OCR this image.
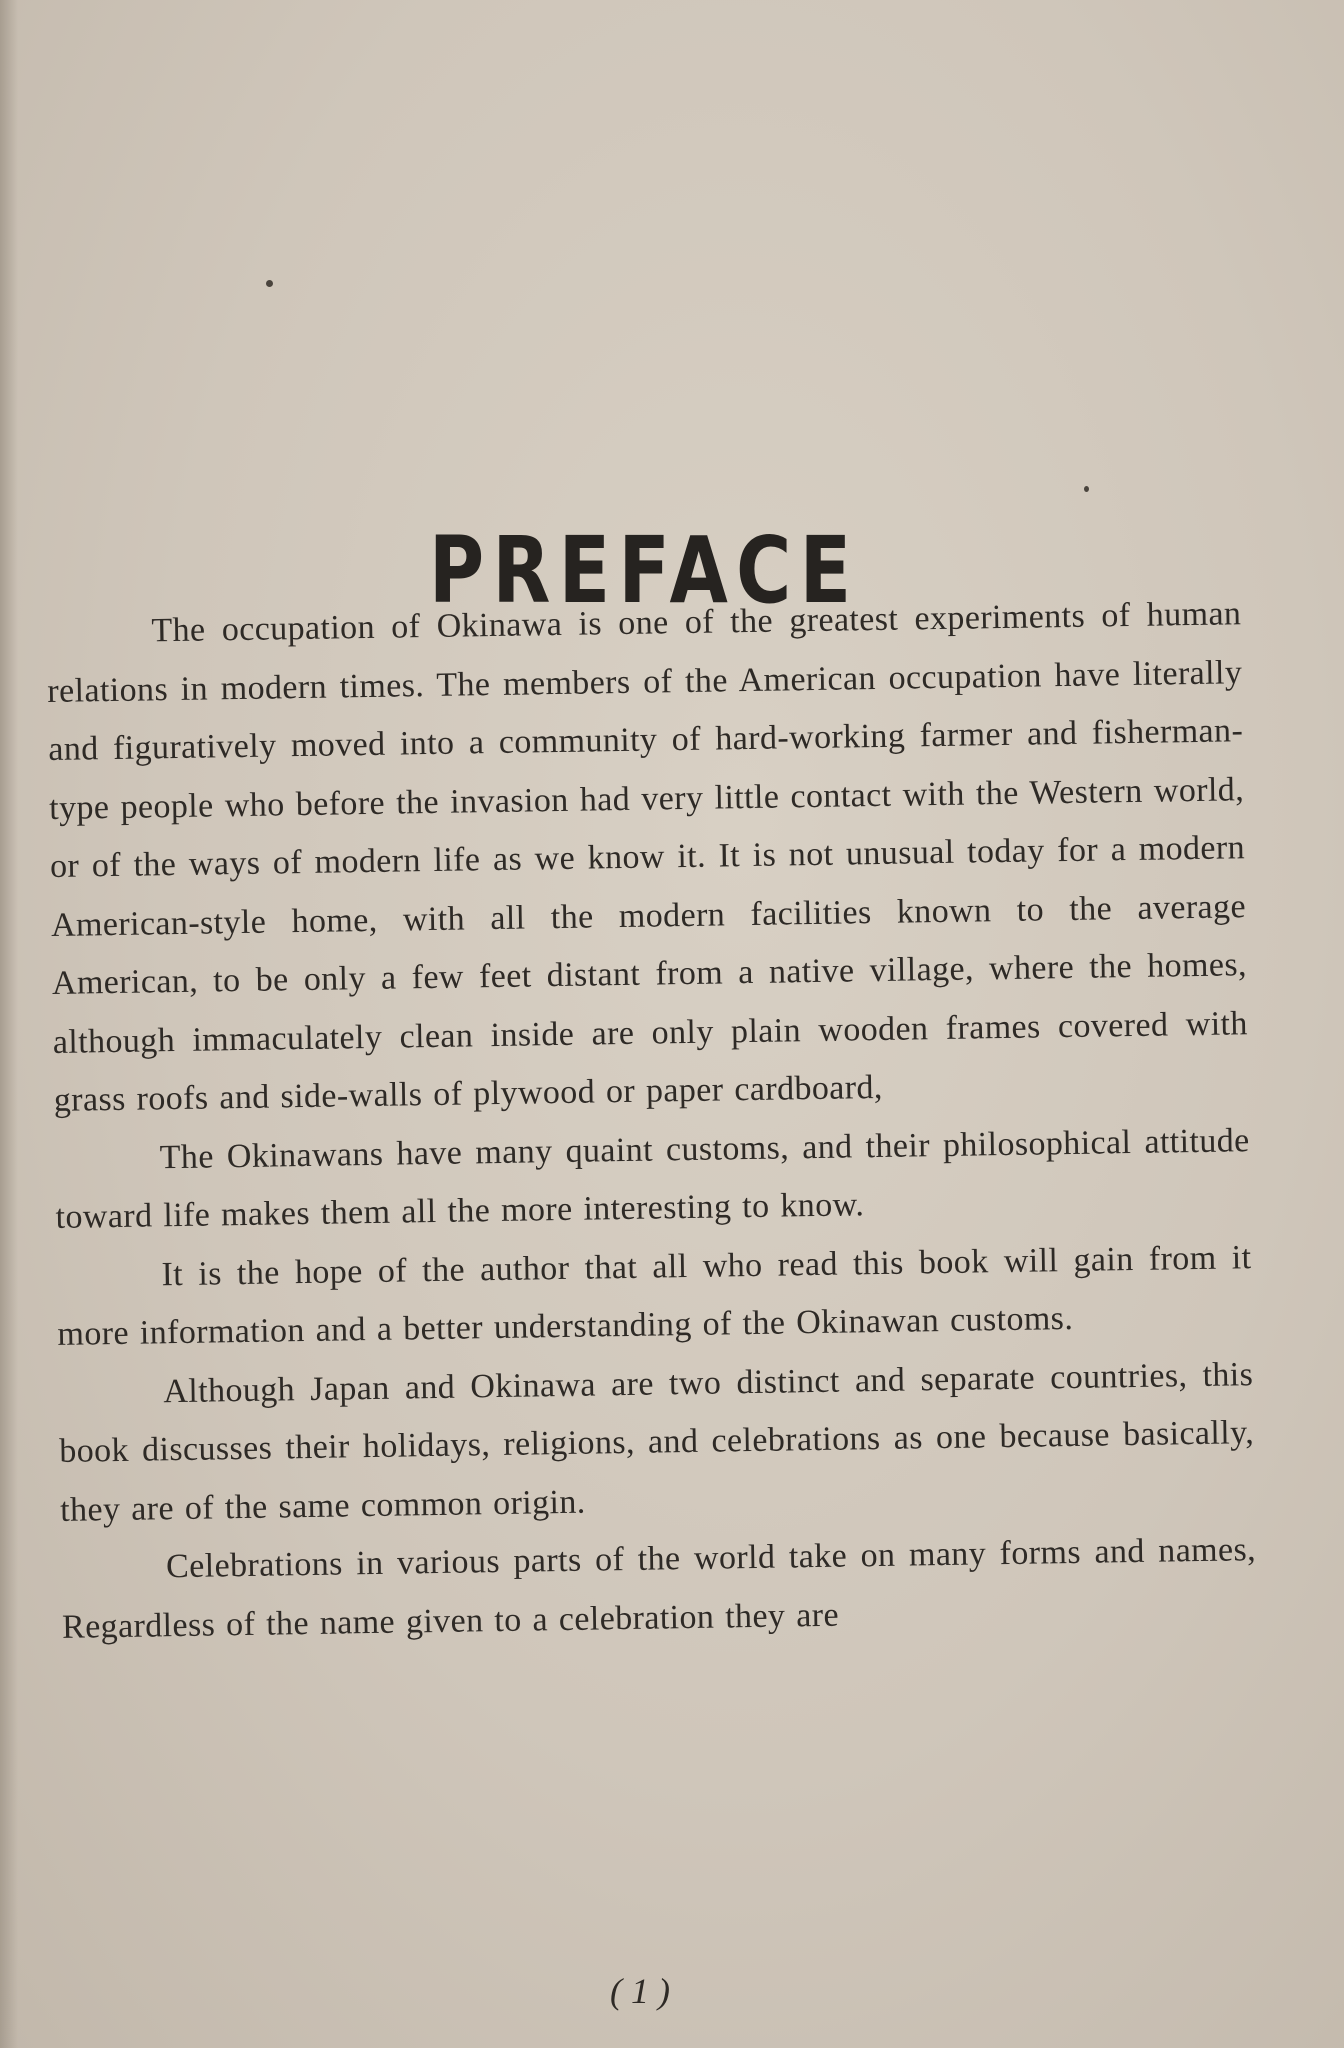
PREFACE

The occupation of Okinawa is one of the greatest experiments of human relations in modern times. The members of the American occupation have literally and figuratively moved into a community of hard-working farmer and fisherman-type people who before the invasion had very little contact with the Western world, or of the ways of modern life as we know it. It is not unusual today for a modern American-style home, with all the modern facilities known to the average American, to be only a few feet distant from a native village, where the homes, although immaculately clean inside are only plain wooden frames covered with grass roofs and side-walls of plywood or paper cardboard,

The Okinawans have many quaint customs, and their philosophical attitude toward life makes them all the more interesting to know.

It is the hope of the author that all who read this book will gain from it more information and a better understanding of the Okinawan customs.

Although Japan and Okinawa are two distinct and separate countries, this book discusses their holidays, religions, and celebrations as one because basically, they are of the same common origin.

Celebrations in various parts of the world take on many forms and names, Regardless of the name given to a celebration they are

( 1 )
